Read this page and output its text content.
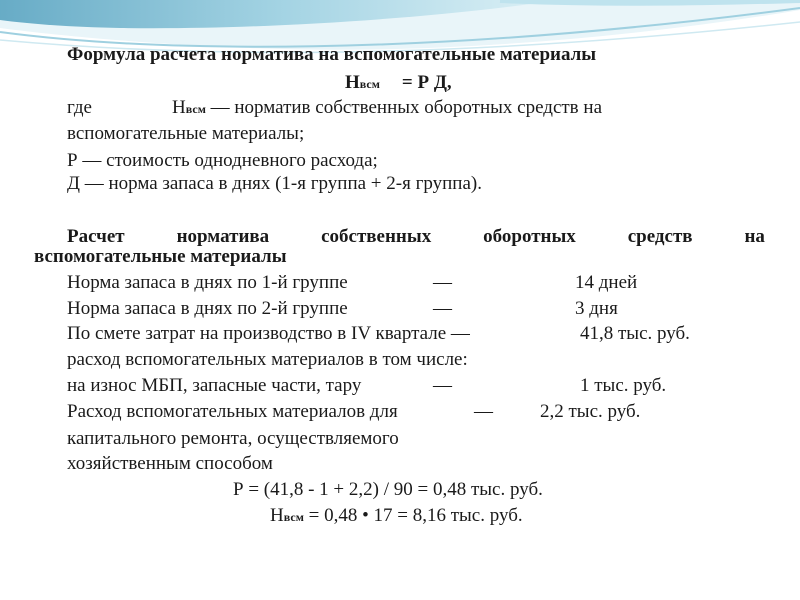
Формула расчета норматива на вспомогательные материалы
Нвсм = Р Д,
где	Нвсм — норматив собственных оборотных средств на
вспомогательные материалы;
Р — стоимость однодневного расхода;
Д — норма запаса в днях (1-я группа + 2-я группа).
Расчет	норматива	собственных	оборотных	средств	на
вспомогательные материалы
Норма запаса в днях по 1-й группе	—	14 дней
Норма запаса в днях по 2-й группе	—	3 дня
По смете затрат на производство в IV квартале —	41,8 тыс. руб.
расход вспомогательных материалов в том числе:
на износ МБП, запасные части, тару	—	1 тыс. руб.
Расход вспомогательных материалов для	— 2,2 тыс. руб.
капитального ремонта, осуществляемого
хозяйственным способом
Р = (41,8 - 1 + 2,2) / 90 = 0,48 тыс. руб.
Нвсм = 0,48 • 17 = 8,16 тыс. руб.
